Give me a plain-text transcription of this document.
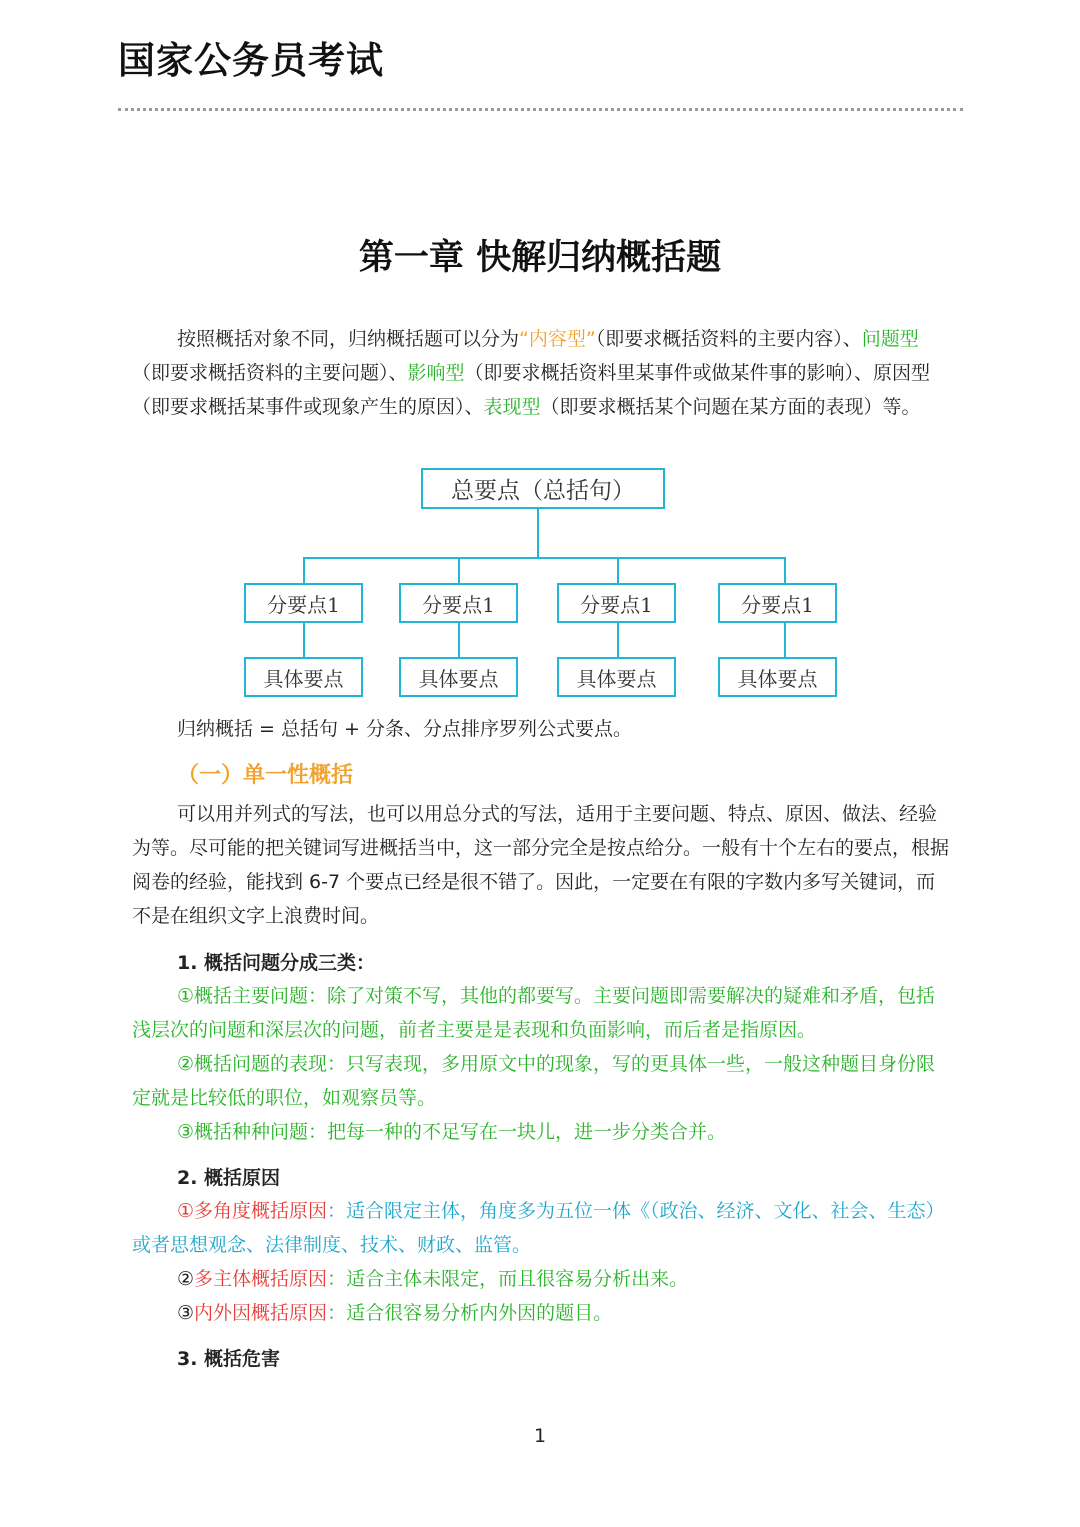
国家公务员考试
第一章 快解归纳概括题

按照概括对象不同，归纳概括题可以分为“内容型”（即要求概括资料的主要内容）、问题型（即要求概括资料的主要问题）、影响型（即要求概括资料里某事件或做某件事的影响）、原因型（即要求概括某事件或现象产生的原因）、表现型（即要求概括某个问题在某方面的表现）等。

总要点（总括句）
分要点1	分要点1	分要点1	分要点1
具体要点	具体要点	具体要点	具体要点
归纳概括 = 总括句 + 分条、分点排序罗列公式要点。
（一）单一性概括

可以用并列式的写法，也可以用总分式的写法，适用于主要问题、特点、原因、做法、经验为等。尽可能的把关键词写进概括当中，这一部分完全是按点给分。一般有十个左右的要点，根据阅卷的经验，能找到 6-7 个要点已经是很不错了。因此，一定要在有限的字数内多写关键词，而不是在组织文字上浪费时间。

1. 概括问题分成三类：

①概括主要问题：除了对策不写，其他的都要写。主要问题即需要解决的疑难和矛盾，包括浅层次的问题和深层次的问题，前者主要是是表现和负面影响，而后者是指原因。

②概括问题的表现：只写表现，多用原文中的现象，写的更具体一些，一般这种题目身份限定就是比较低的职位，如观察员等。

③概括种种问题：把每一种的不足写在一块儿，进一步分类合并。

2. 概括原因

①多角度概括原因：适合限定主体，角度多为五位一体《（政治、经济、文化、社会、生态）或者思想观念、法律制度、技术、财政、监管。

②多主体概括原因：适合主体未限定，而且很容易分析出来。
③内外因概括原因：适合很容易分析内外因的题目。
3. 概括危害
1
